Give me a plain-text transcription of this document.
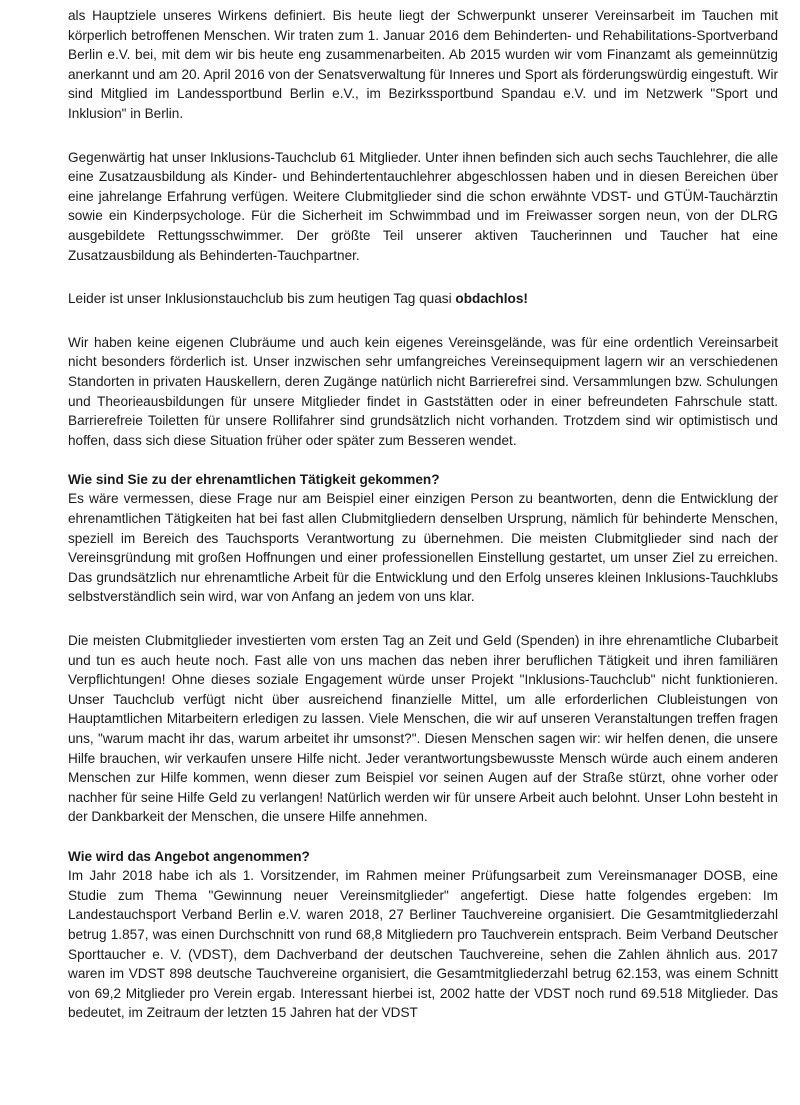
als Hauptziele unseres Wirkens definiert. Bis heute liegt der Schwerpunkt unserer Vereinsarbeit im Tauchen mit körperlich betroffenen Menschen. Wir traten zum 1. Januar 2016 dem Behinderten- und Rehabilitations-Sportverband Berlin e.V. bei, mit dem wir bis heute eng zusammenarbeiten. Ab 2015 wurden wir vom Finanzamt als gemeinnützig anerkannt und am 20. April 2016 von der Senatsverwaltung für Inneres und Sport als förderungswürdig eingestuft. Wir sind Mitglied im Landessportbund Berlin e.V., im Bezirkssportbund Spandau e.V. und im Netzwerk "Sport und Inklusion" in Berlin.

Gegenwärtig hat unser Inklusions-Tauchclub 61 Mitglieder. Unter ihnen befinden sich auch sechs Tauchlehrer, die alle eine Zusatzausbildung als Kinder- und Behindertentauchlehrer abgeschlossen haben und in diesen Bereichen über eine jahrelange Erfahrung verfügen. Weitere Clubmitglieder sind die schon erwähnte VDST- und GTÜM-Tauchärztin sowie ein Kinderpsychologe. Für die Sicherheit im Schwimmbad und im Freiwasser sorgen neun, von der DLRG ausgebildete Rettungsschwimmer. Der größte Teil unserer aktiven Taucherinnen und Taucher hat eine Zusatzausbildung als Behinderten-Tauchpartner.

Leider ist unser Inklusionstauchclub bis zum heutigen Tag quasi obdachlos!

Wir haben keine eigenen Clubräume und auch kein eigenes Vereinsgelände, was für eine ordentlich Vereinsarbeit nicht besonders förderlich ist. Unser inzwischen sehr umfangreiches Vereinsequipment lagern wir an verschiedenen Standorten in privaten Hauskellern, deren Zugänge natürlich nicht Barrierefrei sind. Versammlungen bzw. Schulungen und Theorieausbildungen für unsere Mitglieder findet in Gaststätten oder in einer befreundeten Fahrschule statt. Barrierefreie Toiletten für unsere Rollifahrer sind grundsätzlich nicht vorhanden. Trotzdem sind wir optimistisch und hoffen, dass sich diese Situation früher oder später zum Besseren wendet.

Wie sind Sie zu der ehrenamtlichen Tätigkeit gekommen?

Es wäre vermessen, diese Frage nur am Beispiel einer einzigen Person zu beantworten, denn die Entwicklung der ehrenamtlichen Tätigkeiten hat bei fast allen Clubmitgliedern denselben Ursprung, nämlich für behinderte Menschen, speziell im Bereich des Tauchsports Verantwortung zu übernehmen. Die meisten Clubmitglieder sind nach der Vereinsgründung mit großen Hoffnungen und einer professionellen Einstellung gestartet, um unser Ziel zu erreichen. Das grundsätzlich nur ehrenamtliche Arbeit für die Entwicklung und den Erfolg unseres kleinen Inklusions-Tauchklubs selbstverständlich sein wird, war von Anfang an jedem von uns klar.

Die meisten Clubmitglieder investierten vom ersten Tag an Zeit und Geld (Spenden) in ihre ehrenamtliche Clubarbeit und tun es auch heute noch. Fast alle von uns machen das neben ihrer beruflichen Tätigkeit und ihren familiären Verpflichtungen! Ohne dieses soziale Engagement würde unser Projekt "Inklusions-Tauchclub" nicht funktionieren. Unser Tauchclub verfügt nicht über ausreichend finanzielle Mittel, um alle erforderlichen Clubleistungen von Hauptamtlichen Mitarbeitern erledigen zu lassen. Viele Menschen, die wir auf unseren Veranstaltungen treffen fragen uns, "warum macht ihr das, warum arbeitet ihr umsonst?". Diesen Menschen sagen wir: wir helfen denen, die unsere Hilfe brauchen, wir verkaufen unsere Hilfe nicht. Jeder verantwortungsbewusste Mensch würde auch einem anderen Menschen zur Hilfe kommen, wenn dieser zum Beispiel vor seinen Augen auf der Straße stürzt, ohne vorher oder nachher für seine Hilfe Geld zu verlangen! Natürlich werden wir für unsere Arbeit auch belohnt. Unser Lohn besteht in der Dankbarkeit der Menschen, die unsere Hilfe annehmen.

Wie wird das Angebot angenommen?

Im Jahr 2018 habe ich als 1. Vorsitzender, im Rahmen meiner Prüfungsarbeit zum Vereinsmanager DOSB, eine Studie zum Thema "Gewinnung neuer Vereinsmitglieder" angefertigt. Diese hatte folgendes ergeben: Im Landestauchsport Verband Berlin e.V. waren 2018, 27 Berliner Tauchvereine organisiert. Die Gesamtmitgliederzahl betrug 1.857, was einen Durchschnitt von rund 68,8 Mitgliedern pro Tauchverein entsprach. Beim Verband Deutscher Sporttaucher e. V. (VDST), dem Dachverband der deutschen Tauchvereine, sehen die Zahlen ähnlich aus. 2017 waren im VDST 898 deutsche Tauchvereine organisiert, die Gesamtmitgliederzahl betrug 62.153, was einem Schnitt von 69,2 Mitglieder pro Verein ergab. Interessant hierbei ist, 2002 hatte der VDST noch rund 69.518 Mitglieder. Das bedeutet, im Zeitraum der letzten 15 Jahren hat der VDST
